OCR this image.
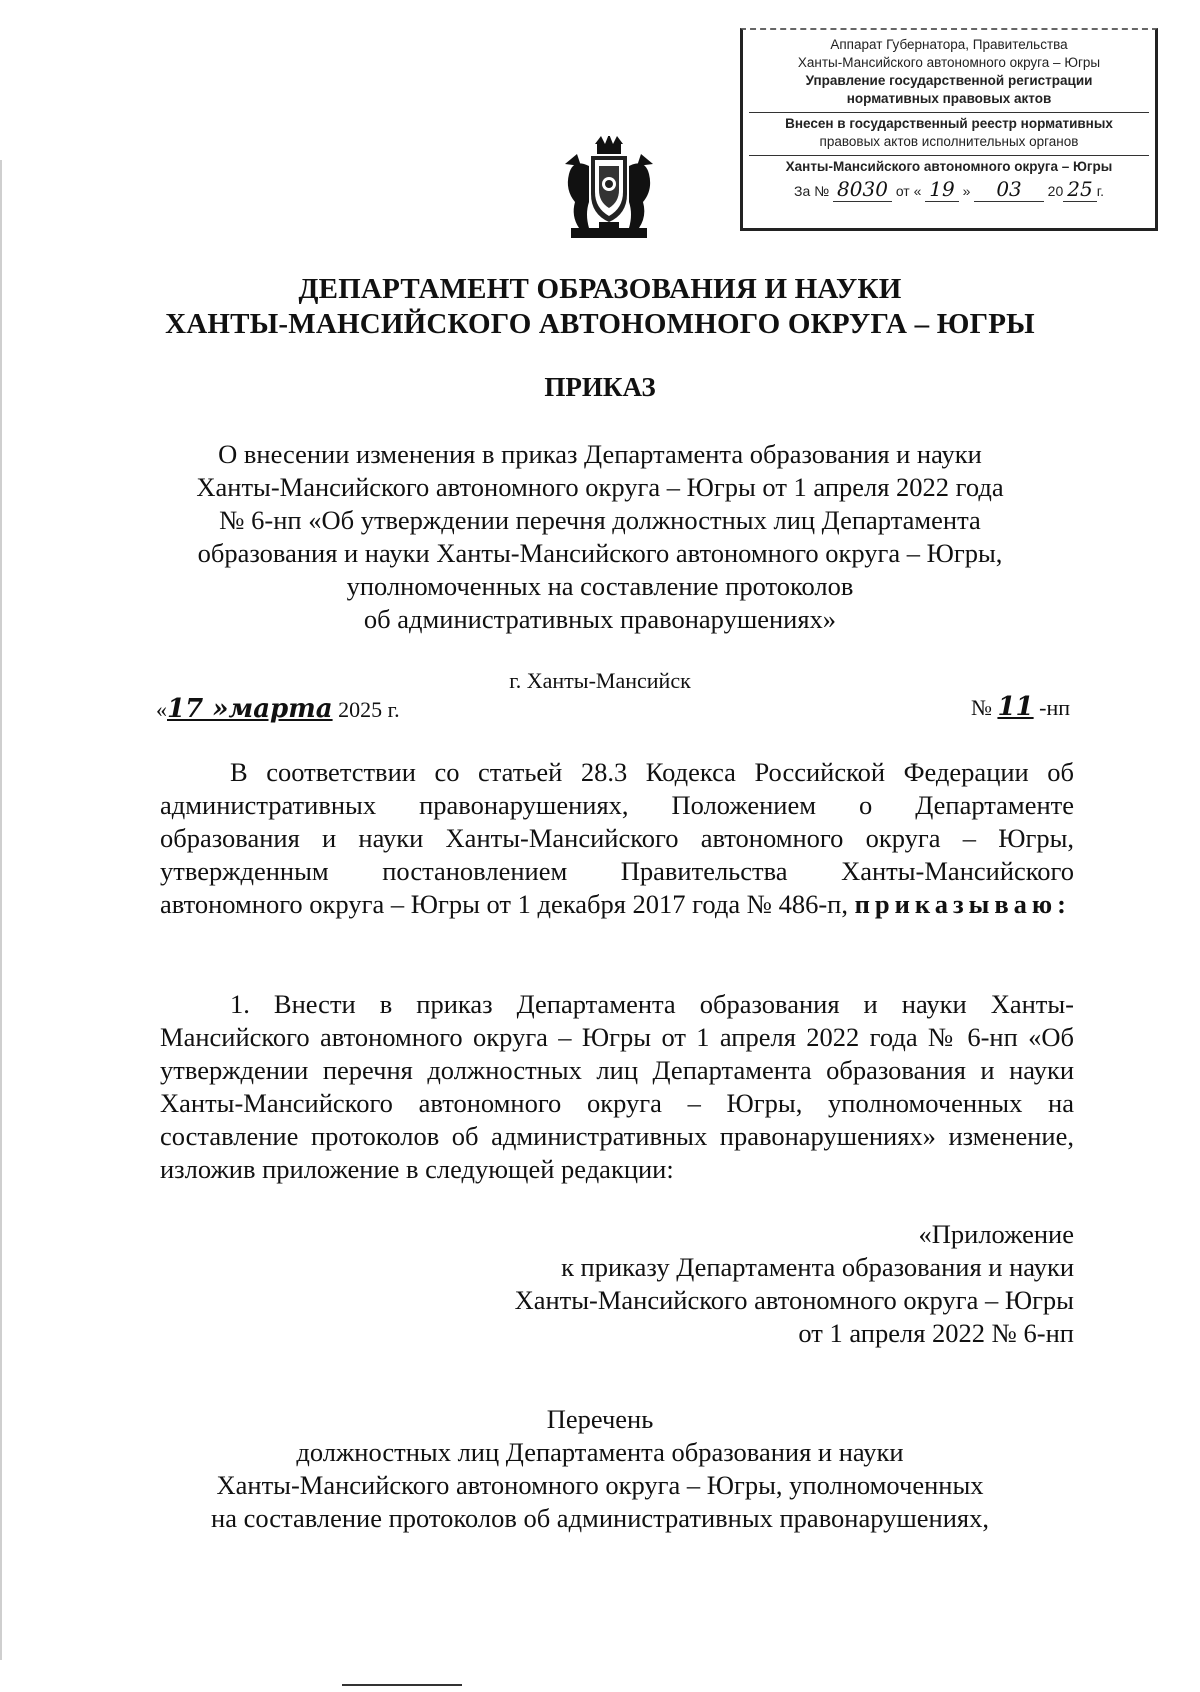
Аппарат Губернатора, Правительства
Ханты-Мансийского автономного округа – Югры
Управление государственной регистрации
нормативных правовых актов
Внесен в государственный реестр нормативных
правовых актов исполнительных органов
Ханты-Мансийского автономного округа – Югры
За № 8030 от « 19 » 03 20 25 г.
ДЕПАРТАМЕНТ ОБРАЗОВАНИЯ И НАУКИ
ХАНТЫ-МАНСИЙСКОГО АВТОНОМНОГО ОКРУГА – ЮГРЫ
ПРИКАЗ
О внесении изменения в приказ Департамента образования и науки
Ханты-Мансийского автономного округа – Югры от 1 апреля 2022 года
№ 6-нп «Об утверждении перечня должностных лиц Департамента
образования и науки Ханты-Мансийского автономного округа – Югры,
уполномоченных на составление протоколов
об административных правонарушениях»
г. Ханты-Мансийск
«17 »марта 2025 г.	№ 11 -нп
В соответствии со статьей 28.3 Кодекса Российской Федерации об административных правонарушениях, Положением о Департаменте образования и науки Ханты-Мансийского автономного округа – Югры, утвержденным постановлением Правительства Ханты-Мансийского автономного округа – Югры от 1 декабря 2017 года № 486-п, приказываю:
1. Внести в приказ Департамента образования и науки Ханты-Мансийского автономного округа – Югры от 1 апреля 2022 года № 6-нп «Об утверждении перечня должностных лиц Департамента образования и науки Ханты-Мансийского автономного округа – Югры, уполномоченных на составление протоколов об административных правонарушениях» изменение, изложив приложение в следующей редакции:
«Приложение
к приказу Департамента образования и науки
Ханты-Мансийского автономного округа – Югры
от 1 апреля 2022 № 6-нп
Перечень
должностных лиц Департамента образования и науки
Ханты-Мансийского автономного округа – Югры, уполномоченных
на составление протоколов об административных правонарушениях,
